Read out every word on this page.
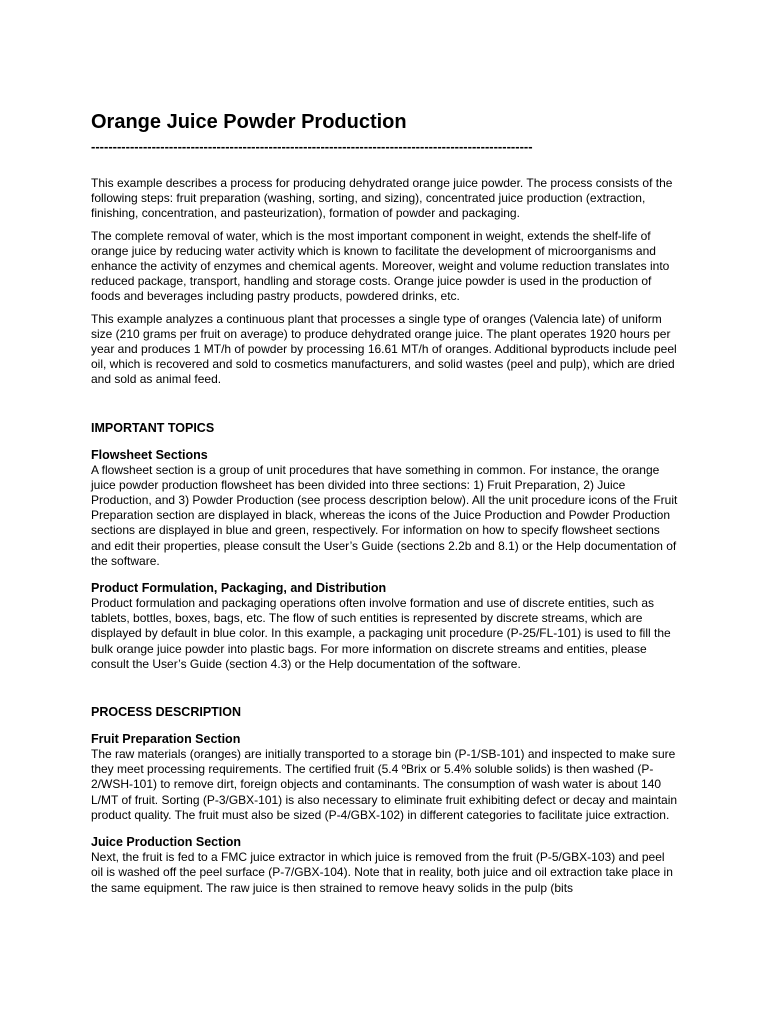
Orange Juice Powder Production
------------------------------------------------------------------------------------------------------

This example describes a process for producing dehydrated orange juice powder. The process consists of the following steps: fruit preparation (washing, sorting, and sizing), concentrated juice production (extraction, finishing, concentration, and pasteurization), formation of powder and packaging.

The complete removal of water, which is the most important component in weight, extends the shelf-life of orange juice by reducing water activity which is known to facilitate the development of microorganisms and enhance the activity of enzymes and chemical agents. Moreover, weight and volume reduction translates into reduced package, transport, handling and storage costs. Orange juice powder is used in the production of foods and beverages including pastry products, powdered drinks, etc.

This example analyzes a continuous plant that processes a single type of oranges (Valencia late) of uniform size (210 grams per fruit on average) to produce dehydrated orange juice. The plant operates 1920 hours per year and produces 1 MT/h of powder by processing 16.61 MT/h of oranges. Additional byproducts include peel oil, which is recovered and sold to cosmetics manufacturers, and solid wastes (peel and pulp), which are dried and sold as animal feed.

IMPORTANT TOPICS
Flowsheet Sections

A flowsheet section is a group of unit procedures that have something in common. For instance, the orange juice powder production flowsheet has been divided into three sections: 1) Fruit Preparation, 2) Juice Production, and 3) Powder Production (see process description below). All the unit procedure icons of the Fruit Preparation section are displayed in black, whereas the icons of the Juice Production and Powder Production sections are displayed in blue and green, respectively. For information on how to specify flowsheet sections and edit their properties, please consult the User’s Guide (sections 2.2b and 8.1) or the Help documentation of the software.

Product Formulation, Packaging, and Distribution

Product formulation and packaging operations often involve formation and use of discrete entities, such as tablets, bottles, boxes, bags, etc. The flow of such entities is represented by discrete streams, which are displayed by default in blue color. In this example, a packaging unit procedure (P-25/FL-101) is used to fill the bulk orange juice powder into plastic bags. For more information on discrete streams and entities, please consult the User’s Guide (section 4.3) or the Help documentation of the software.

PROCESS DESCRIPTION
Fruit Preparation Section

The raw materials (oranges) are initially transported to a storage bin (P-1/SB-101) and inspected to make sure they meet processing requirements. The certified fruit (5.4 ºBrix or 5.4% soluble solids) is then washed (P-2/WSH-101) to remove dirt, foreign objects and contaminants. The consumption of wash water is about 140 L/MT of fruit. Sorting (P-3/GBX-101) is also necessary to eliminate fruit exhibiting defect or decay and maintain product quality. The fruit must also be sized (P-4/GBX-102) in different categories to facilitate juice extraction.

Juice Production Section

Next, the fruit is fed to a FMC juice extractor in which juice is removed from the fruit (P-5/GBX-103) and peel oil is washed off the peel surface (P-7/GBX-104). Note that in reality, both juice and oil extraction take place in the same equipment. The raw juice is then strained to remove heavy solids in the pulp (bits
